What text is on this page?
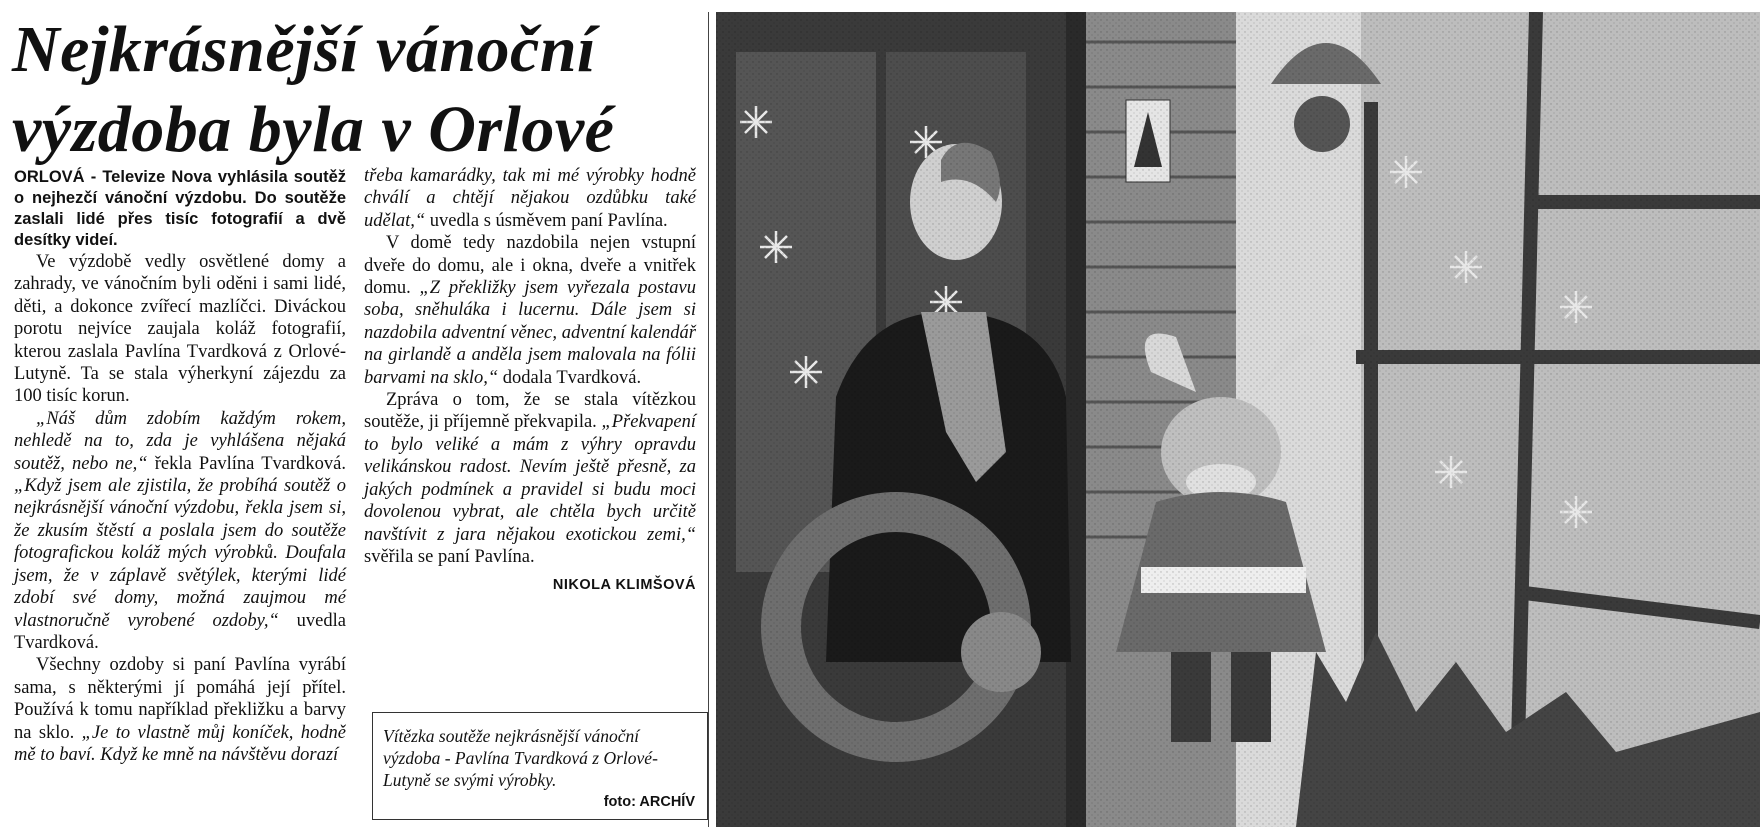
Nejkrásnější vánoční výzdoba byla v Orlové

ORLOVÁ - Televize Nova vyhlásila soutěž o nejhezčí vánoční výzdobu. Do soutěže zaslali lidé přes tisíc fotografií a dvě desítky videí.

Ve výzdobě vedly osvětlené domy a zahrady, ve vánočním byli oděni i sami lidé, děti, a dokonce zvířecí mazlíčci. Diváckou porotu nejvíce zaujala koláž fotografií, kterou zaslala Pavlína Tvardková z Orlové-Lutyně. Ta se stala výherkyní zájezdu za 100 tisíc korun.

„Náš dům zdobím každým rokem, nehledě na to, zda je vyhlášena nějaká soutěž, nebo ne,“ řekla Pavlína Tvardková. „Když jsem ale zjistila, že probíhá soutěž o nejkrásnější vánoční výzdobu, řekla jsem si, že zkusím štěstí a poslala jsem do soutěže fotografickou koláž mých výrobků. Doufala jsem, že v záplavě světýlek, kterými lidé zdobí své domy, možná zaujmou mé vlastnoručně vyrobené ozdoby,“ uvedla Tvardková.

Všechny ozdoby si paní Pavlína vyrábí sama, s některými jí pomáhá její přítel. Používá k tomu například překližku a barvy na sklo. „Je to vlastně můj koníček, hodně mě to baví. Když ke mně na návštěvu dorazí

třeba kamarádky, tak mi mé výrobky hodně chválí a chtějí nějakou ozdůbku také udělat,“ uvedla s úsměvem paní Pavlína.

V domě tedy nazdobila nejen vstupní dveře do domu, ale i okna, dveře a vnitřek domu. „Z překližky jsem vyřezala postavu soba, sněhuláka i lucernu. Dále jsem si nazdobila adventní věnec, adventní kalendář na girlandě a anděla jsem malovala na fólii barvami na sklo,“ dodala Tvardková.

Zpráva o tom, že se stala vítězkou soutěže, ji příjemně překvapila. „Překvapení to bylo veliké a mám z výhry opravdu velikánskou radost. Nevím ještě přesně, za jakých podmínek a pravidel si budu moci dovolenou vybrat, ale chtěla bych určitě navštívit z jara nějakou exotickou zemi,“ svěřila se paní Pavlína.

NIKOLA KLIMŠOVÁ
Vítězka soutěže nejkrásnější vánoční výzdoba - Pavlína Tvardková z Orlové-Lutyně se svými výrobky.
foto: ARCHÍV
